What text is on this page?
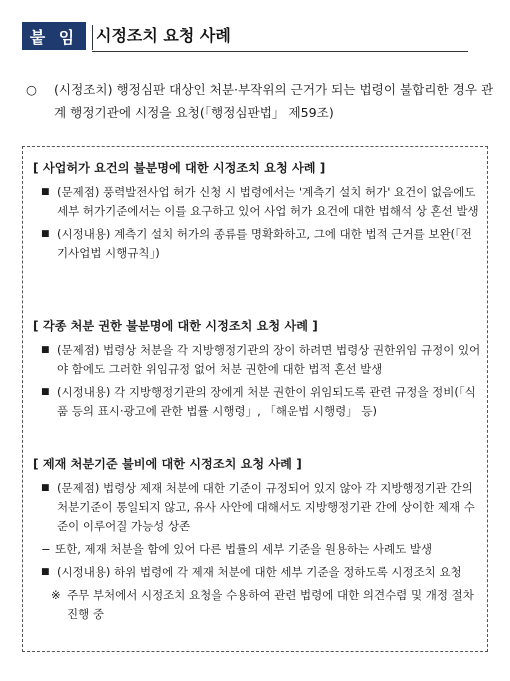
붙 임	시정조치 요청 사례
○ (시정조치) 행정심판 대상인 처분·부작위의 근거가 되는 법령이 불합리한 경우 관계 행정기관에 시정을 요청(「행정심판법」 제59조)
[ 사업허가 요건의 불분명에 대한 시정조치 요청 사례 ]
■ (문제점) 풍력발전사업 허가 신청 시 법령에서는 '계측기 설치 허가' 요건이 없음에도 세부 허가기준에서는 이를 요구하고 있어 사업 허가 요건에 대한 법해석 상 혼선 발생
■ (시정내용) 계측기 설치 허가의 종류를 명확화하고, 그에 대한 법적 근거를 보완(「전기사업법 시행규칙」)
[ 각종 처분 권한 불분명에 대한 시정조치 요청 사례 ]
■ (문제점) 법령상 처분을 각 지방행정기관의 장이 하려면 법령상 권한위임 규정이 있어야 함에도 그러한 위임규정 없어 처분 권한에 대한 법적 혼선 발생
■ (시정내용) 각 지방행정기관의 장에게 처분 권한이 위임되도록 관련 규정을 정비(「식품 등의 표시·광고에 관한 법률 시행령」, 「해운법 시행령」 등)
[ 제재 처분기준 불비에 대한 시정조치 요청 사례 ]
■ (문제점) 법령상 제재 처분에 대한 기준이 규정되어 있지 않아 각 지방행정기관 간의 처분기준이 통일되지 않고, 유사 사안에 대해서도 지방행정기관 간에 상이한 제재 수준이 이루어질 가능성 상존
− 또한, 제재 처분을 함에 있어 다른 법률의 세부 기준을 원용하는 사례도 발생
■ (시정내용) 하위 법령에 각 제재 처분에 대한 세부 기준을 정하도록 시정조치 요청
※ 주무 부처에서 시정조치 요청을 수용하여 관련 법령에 대한 의견수렴 및 개정 절차 진행 중
